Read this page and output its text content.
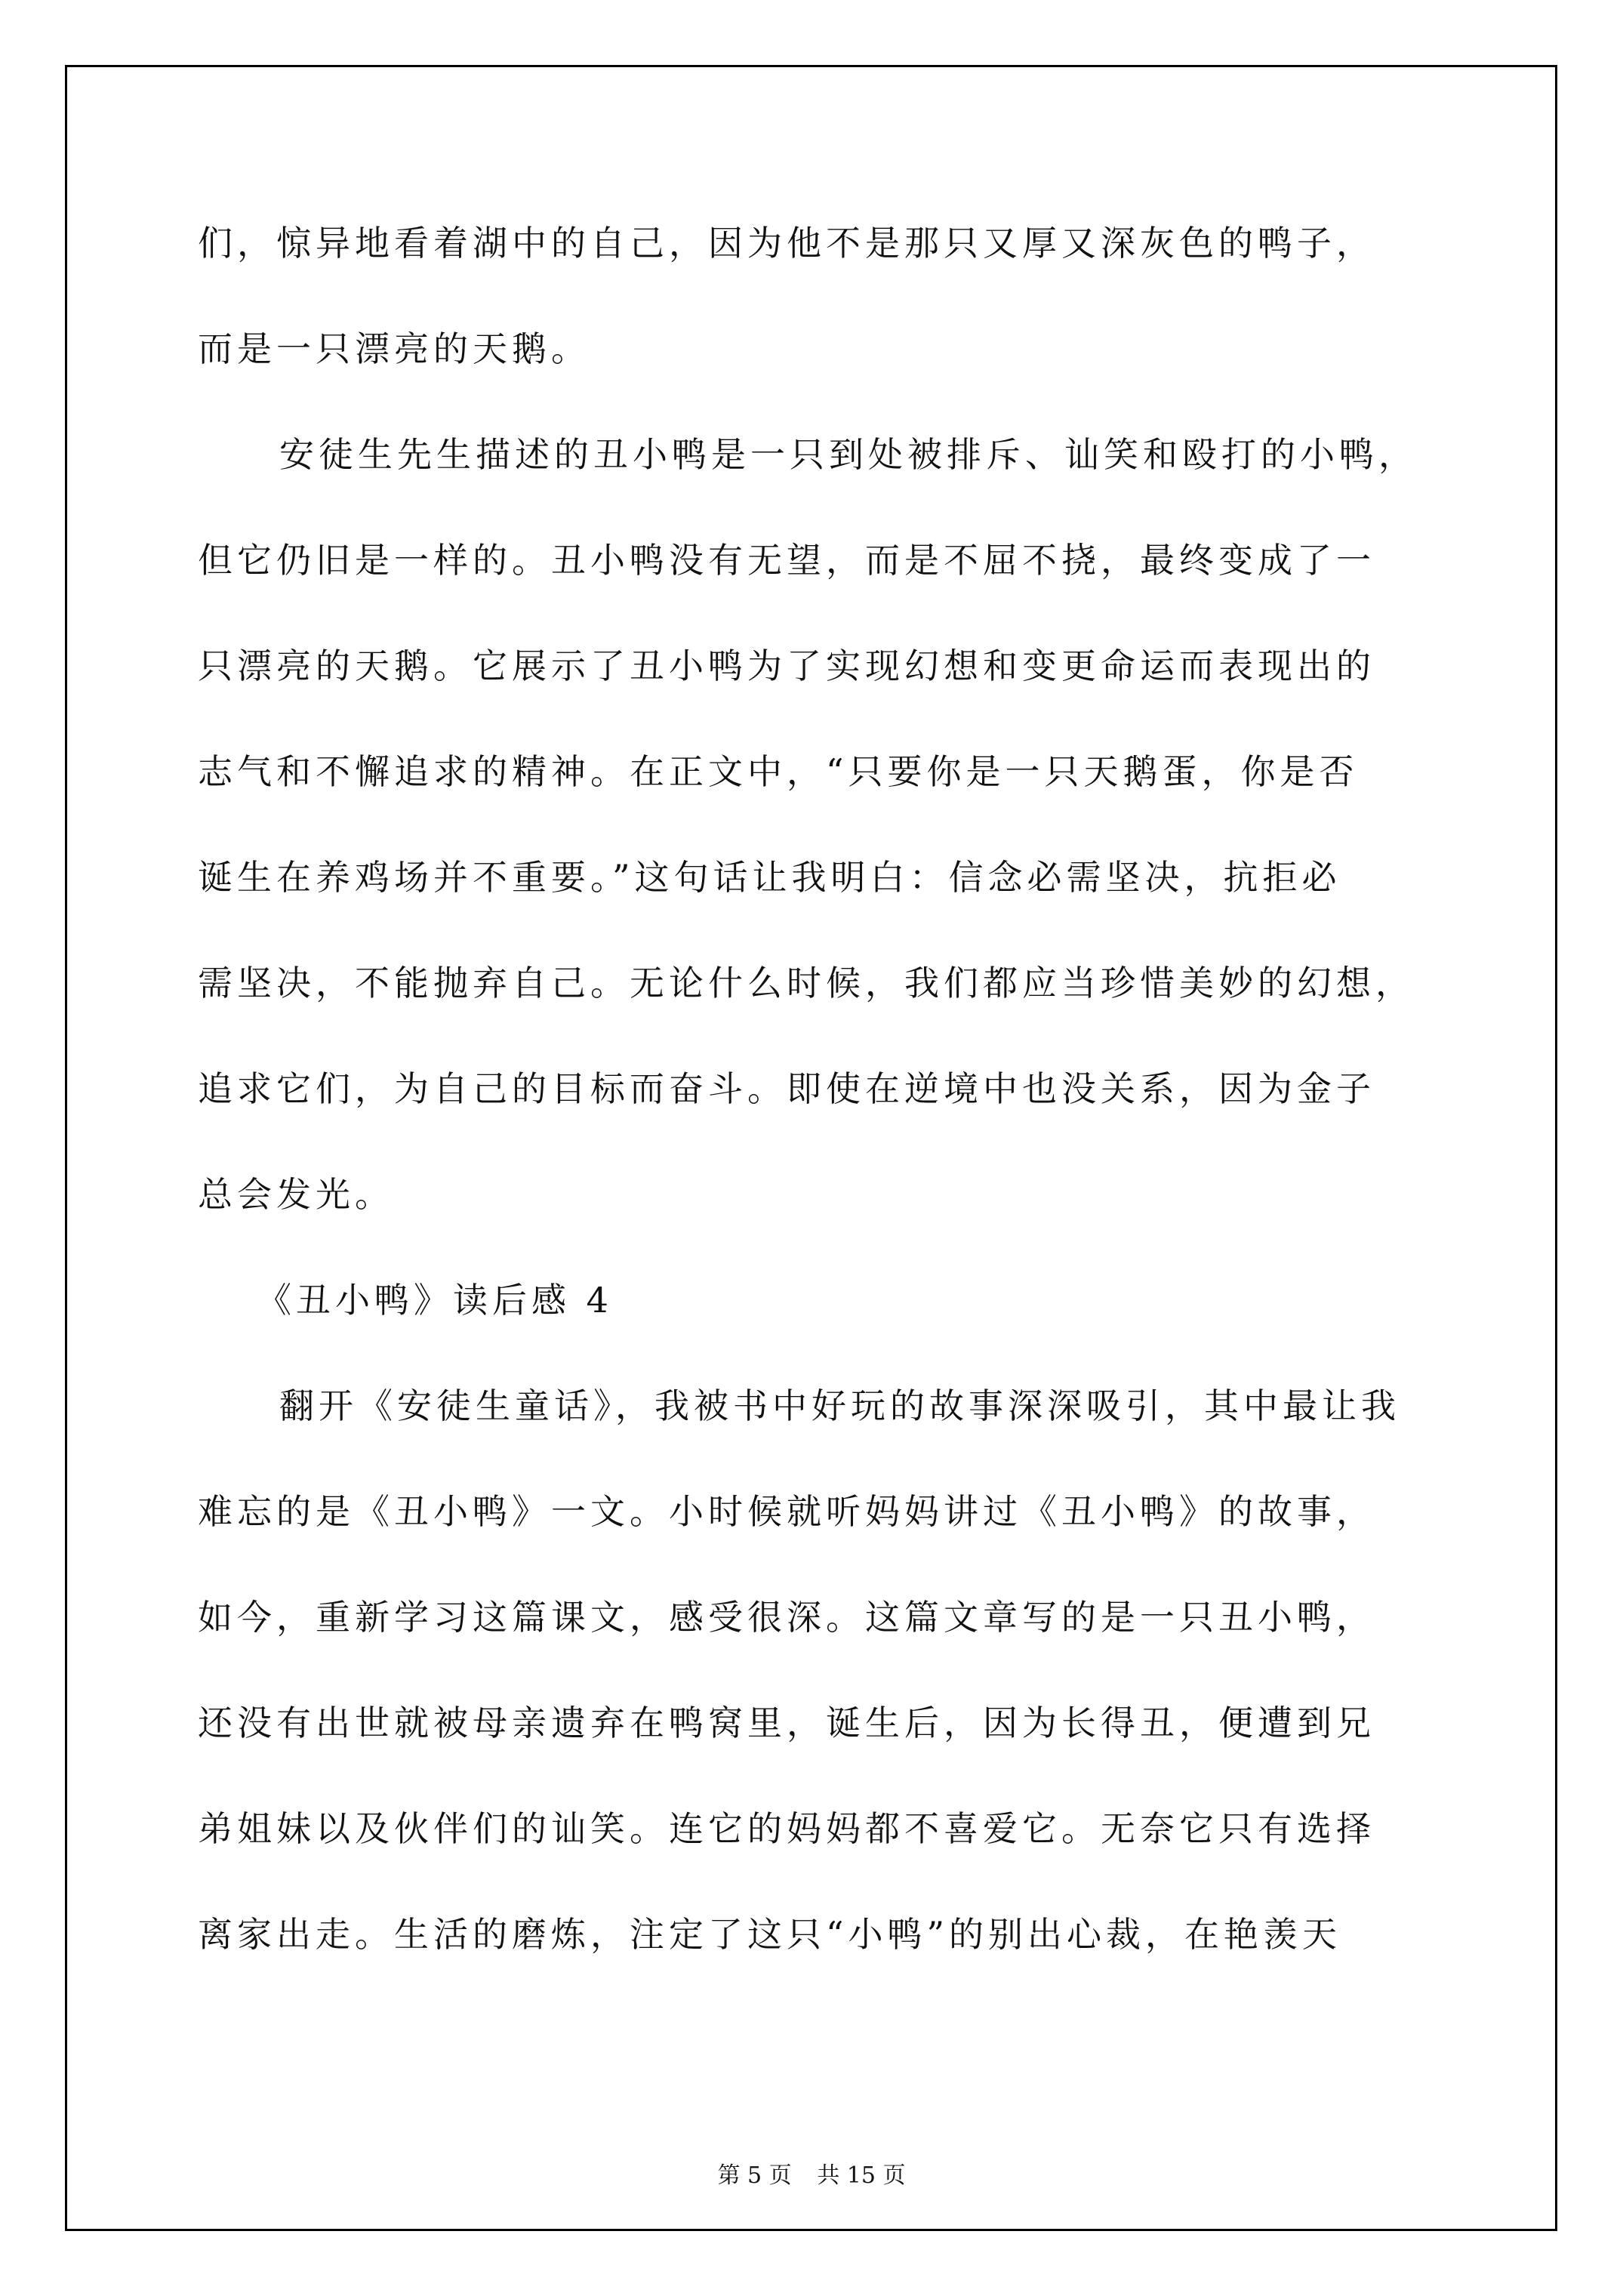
们，惊异地看着湖中的自己，因为他不是那只又厚又深灰色的鸭子，

而是一只漂亮的天鹅。

安徒生先生描述的丑小鸭是一只到处被排斥、讪笑和殴打的小鸭，

但它仍旧是一样的。丑小鸭没有无望，而是不屈不挠，最终变成了一

只漂亮的天鹅。它展示了丑小鸭为了实现幻想和变更命运而表现出的

志气和不懈追求的精神。在正文中，“只要你是一只天鹅蛋，你是否

诞生在养鸡场并不重要。”这句话让我明白：信念必需坚决，抗拒必

需坚决，不能抛弃自己。无论什么时候，我们都应当珍惜美妙的幻想，

追求它们，为自己的目标而奋斗。即使在逆境中也没关系，因为金子

总会发光。

《丑小鸭》读后感 4

翻开《安徒生童话》，我被书中好玩的故事深深吸引，其中最让我

难忘的是《丑小鸭》一文。小时候就听妈妈讲过《丑小鸭》的故事，

如今，重新学习这篇课文，感受很深。这篇文章写的是一只丑小鸭，

还没有出世就被母亲遗弃在鸭窝里，诞生后，因为长得丑，便遭到兄

弟姐妹以及伙伴们的讪笑。连它的妈妈都不喜爱它。无奈它只有选择

离家出走。生活的磨炼，注定了这只“小鸭”的别出心裁，在艳羡天

第 5 页 共 15 页
